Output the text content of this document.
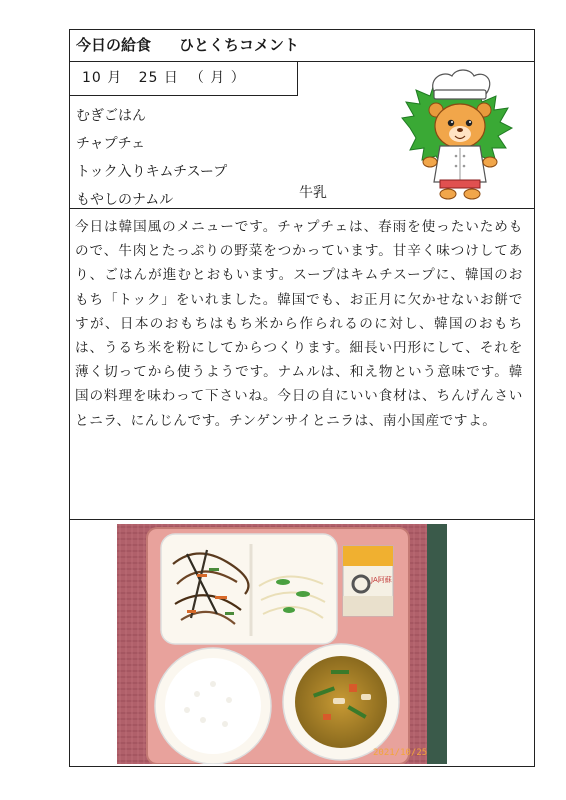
今日の給食 ひとくちコメント
10 月 25 日 （ 月 ）
むぎごはん
チャプチェ
トック入りキムチスープ
もやしのナムル	牛乳
今日は韓国風のメニューです。チャプチェは、春雨を使ったいためもので、牛肉とたっぷりの野菜をつかっています。甘辛く味つけしてあり、ごはんが進むとおもいます。スープはキムチスープに、韓国のおもち「トック」をいれました。韓国でも、お正月に欠かせないお餅ですが、日本のおもちはもち米から作られるのに対し、韓国のおもちは、うるち米を粉にしてからつくります。細長い円形にして、それを薄く切ってから使うようです。ナムルは、和え物という意味です。韓国の料理を味わって下さいね。今日の自にいい食材は、ちんげんさいとニラ、にんじんです。チンゲンサイとニラは、南小国産ですよ。
JA阿蘇
2021/10/25
